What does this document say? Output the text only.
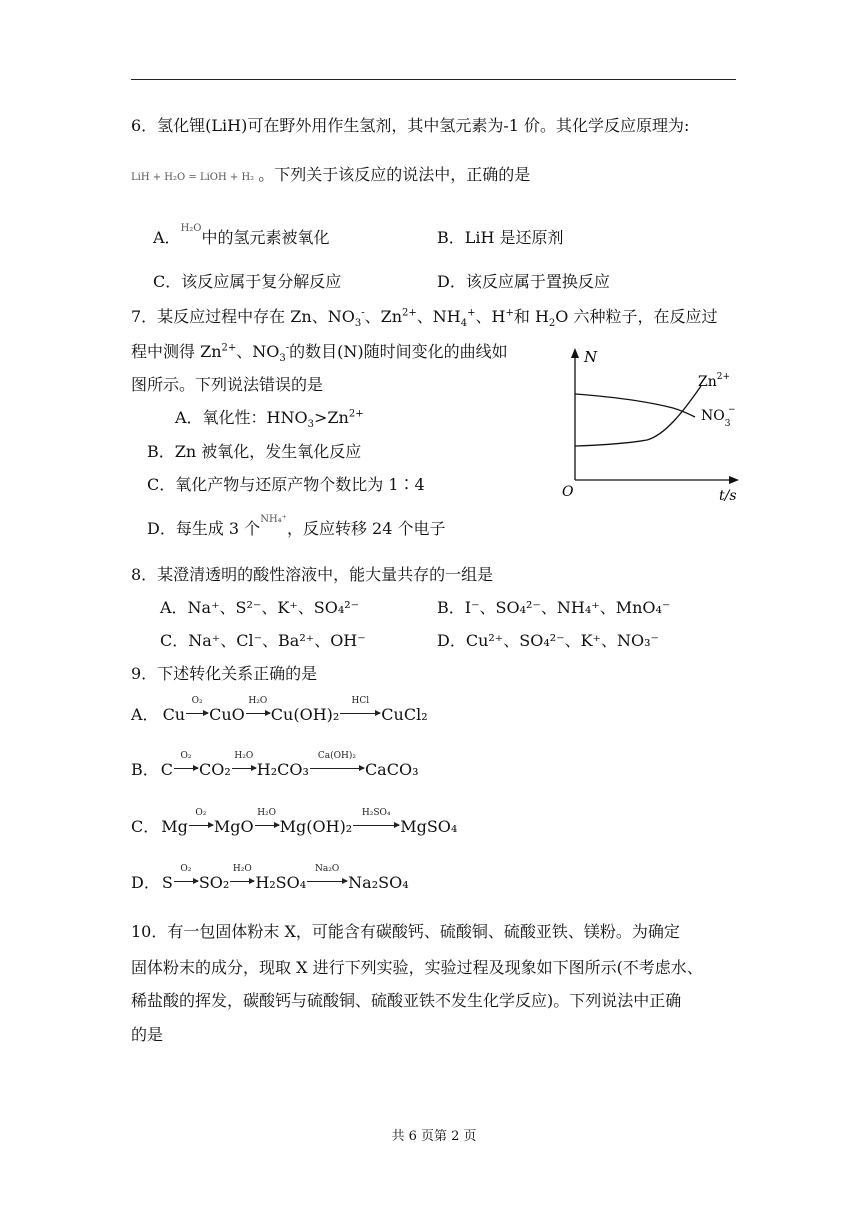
6．氢化锂(LiH)可在野外用作生氢剂，其中氢元素为-1 价。其化学反应原理为:
LiH + H₂O = LiOH + H₂ 。下列关于该反应的说法中，正确的是
A．$^{H_2O}$中的氢元素被氧化	B．LiH 是还原剂
C．该反应属于复分解反应	D．该反应属于置换反应
7．某反应过程中存在 Zn、$NO_3^-$、$Zn^{2+}$、$NH_4^+$、H+和 $H_2O$ 六种粒子，在反应过
程中测得 $Zn^{2+}$、$NO_3^-$的数目(N)随时间变化的曲线如
图所示。下列说法错误的是
A．氧化性：$HNO_3>Zn^{2+}$
B．Zn 被氧化，发生氧化反应
C．氧化产物与还原产物个数比为 1∶4
D．每生成 3 个$^{NH_4^+}$，反应转移 24 个电子
N
t/s
O
$Zn^{2+}$
$NO_3$
−
8．某澄清透明的酸性溶液中，能大量共存的一组是
A．Na⁺、S²⁻、K⁺、SO₄²⁻	B．I⁻、SO₄²⁻、NH₄⁺、MnO₄⁻
C．Na⁺、Cl⁻、Ba²⁺、OH⁻	D．Cu²⁺、SO₄²⁻、K⁺、NO₃⁻
9．下述转化关系正确的是
A． Cu
O₂
CuO
H₂O
Cu(OH)₂
HCl
CuCl₂
B． C
O₂
CO₂
H₂O
H₂CO₃
Ca(OH)₂
CaCO₃
C． Mg
O₂
MgO
H₂O
Mg(OH)₂
H₂SO₄
MgSO₄
D． S
O₂
SO₂
H₂O
H₂SO₄
Na₂O
Na₂SO₄
10．有一包固体粉末 X，可能含有碳酸钙、硫酸铜、硫酸亚铁、镁粉。为确定
固体粉末的成分，现取 X 进行下列实验，实验过程及现象如下图所示(不考虑水、
稀盐酸的挥发，碳酸钙与硫酸铜、硫酸亚铁不发生化学反应)。下列说法中正确
的是
共 6 页第 2 页
